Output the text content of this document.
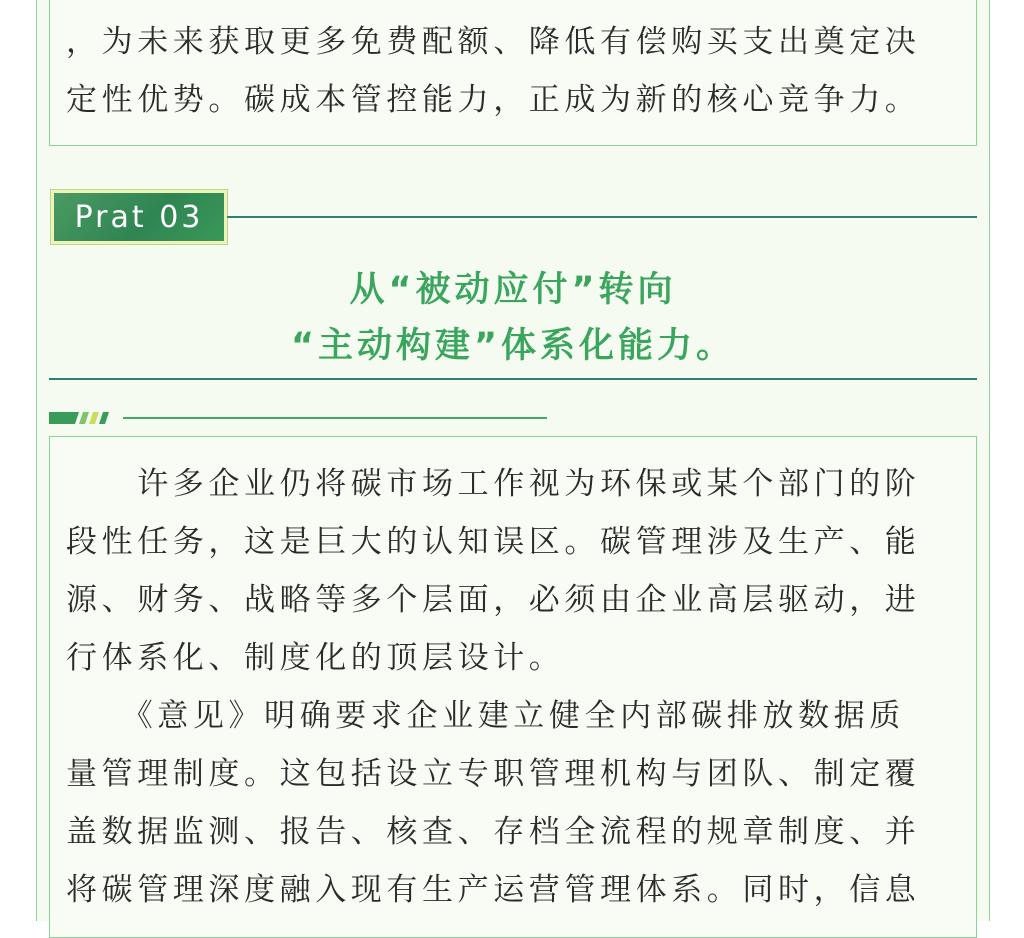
，为未来获取更多免费配额、降低有偿购买支出奠定决
定性优势。碳成本管控能力，正成为新的核心竞争力。

Prat 03
从“被动应付”转向
“主动构建”体系化能力。

　　许多企业仍将碳市场工作视为环保或某个部门的阶
段性任务，这是巨大的认知误区。碳管理涉及生产、能
源、财务、战略等多个层面，必须由企业高层驱动，进
行体系化、制度化的顶层设计。

　　《意见》明确要求企业建立健全内部碳排放数据质
量管理制度。这包括设立专职管理机构与团队、制定覆
盖数据监测、报告、核查、存档全流程的规章制度、并
将碳管理深度融入现有生产运营管理体系。同时，信息
